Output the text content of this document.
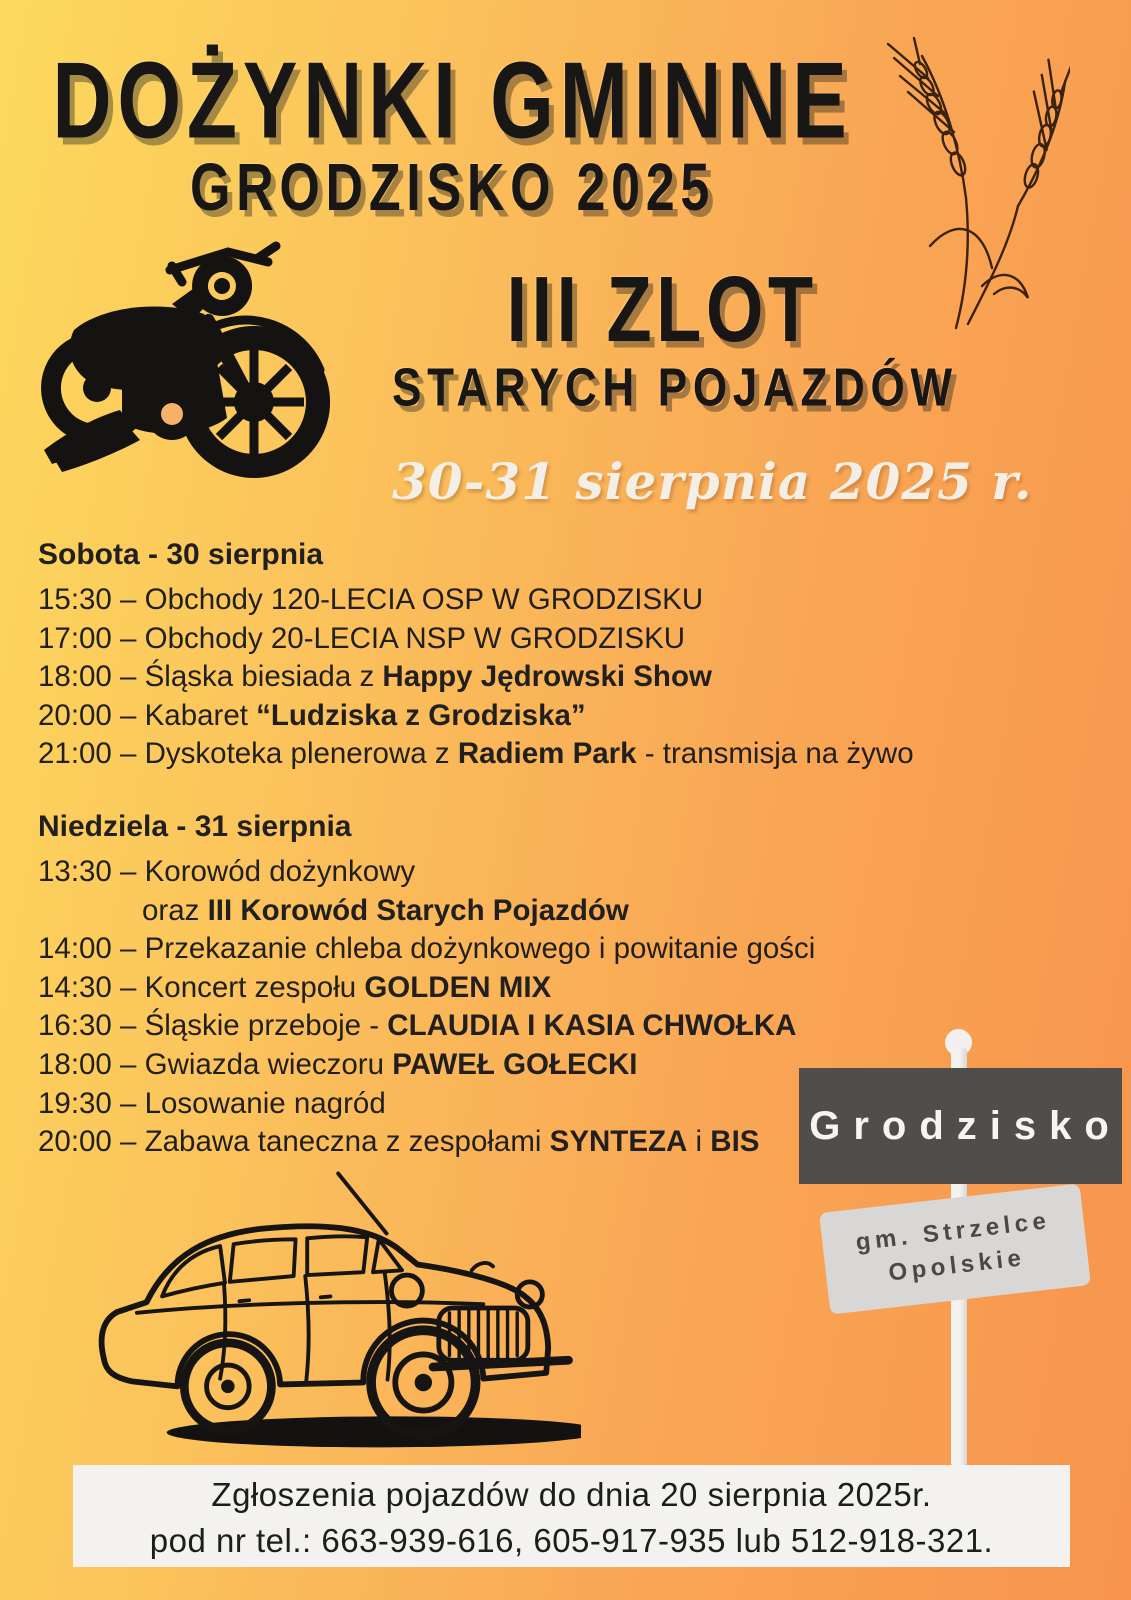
DOŻYNKI GMINNE
GRODZISKO 2025
III ZLOT
STARYCH POJAZDÓW
30-31 sierpnia 2025 r.
Sobota - 30 sierpnia
15:30 – Obchody 120-LECIA OSP W GRODZISKU
17:00 – Obchody 20-LECIA NSP W GRODZISKU
18:00 – Śląska biesiada z Happy Jędrowski Show
20:00 – Kabaret “Ludziska z Grodziska”
21:00 – Dyskoteka plenerowa z Radiem Park - transmisja na żywo
Niedziela - 31 sierpnia
13:30 – Korowód dożynkowy
oraz III Korowód Starych Pojazdów
14:00 – Przekazanie chleba dożynkowego i powitanie gości
14:30 – Koncert zespołu GOLDEN MIX
16:30 – Śląskie przeboje - CLAUDIA I KASIA CHWOŁKA
18:00 – Gwiazda wieczoru PAWEŁ GOŁECKI
19:30 – Losowanie nagród
20:00 – Zabawa taneczna z zespołami SYNTEZA i BIS	Grodzisko
gm. Strzelce
Opolskie
Zgłoszenia pojazdów do dnia 20 sierpnia 2025r.
pod nr tel.: 663-939-616, 605-917-935 lub 512-918-321.
